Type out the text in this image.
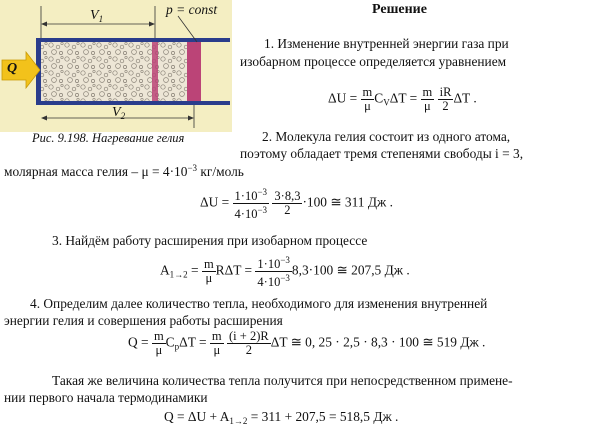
$V_1$
$V_2$
p = const
Q
Рис. 9.198. Нагревание гелия
Решение
1. Изменение внутренней энергии газа при
изобарном процессе определяется уравнением
$\Delta U = \frac{m}{\mu} C_V\Delta T = \frac{m}{\mu}$
$\frac{iR}{2}$ ΔT .
2. Молекула гелия состоит из одного атома,
поэтому обладает тремя степенями свободы i = 3,
молярная масса гелия – $\mu = 4\cdot 10^{-3}$ кг/моль
$\Delta U = \frac{1\cdot 10^{-3}}{4\cdot 10^{-3}}$
$\frac{3\cdot 8,3}{2} \cdot 100$ ≅ 311 Дж .
3. Найдём работу расширения при изобарном процессе
$A_{1\to 2} = \frac{m}{\mu}$ $R\Delta T = \frac{1\cdot 10^{-3}}{4\cdot 10^{-3}} 8,3\cdot 100$ ≅ 207,5 Дж .
4. Определим далее количество тепла, необходимого для изменения внутренней
энергии гелия и совершения работы расширения
$Q = \frac{m}{\mu} C_p\Delta T = \frac{m}{\mu}$
$\frac{(i + 2)R}{2}$ ΔT ≅ 0, 25 · 2,5 · 8,3 · 100 ≅ 519 Дж .
Такая же величина количества тепла получится при непосредственном примене-
нии первого начала термодинамики
$Q = \Delta U + A_{1\to 2} = 311 + 207,5 = 518,5$ Дж .
